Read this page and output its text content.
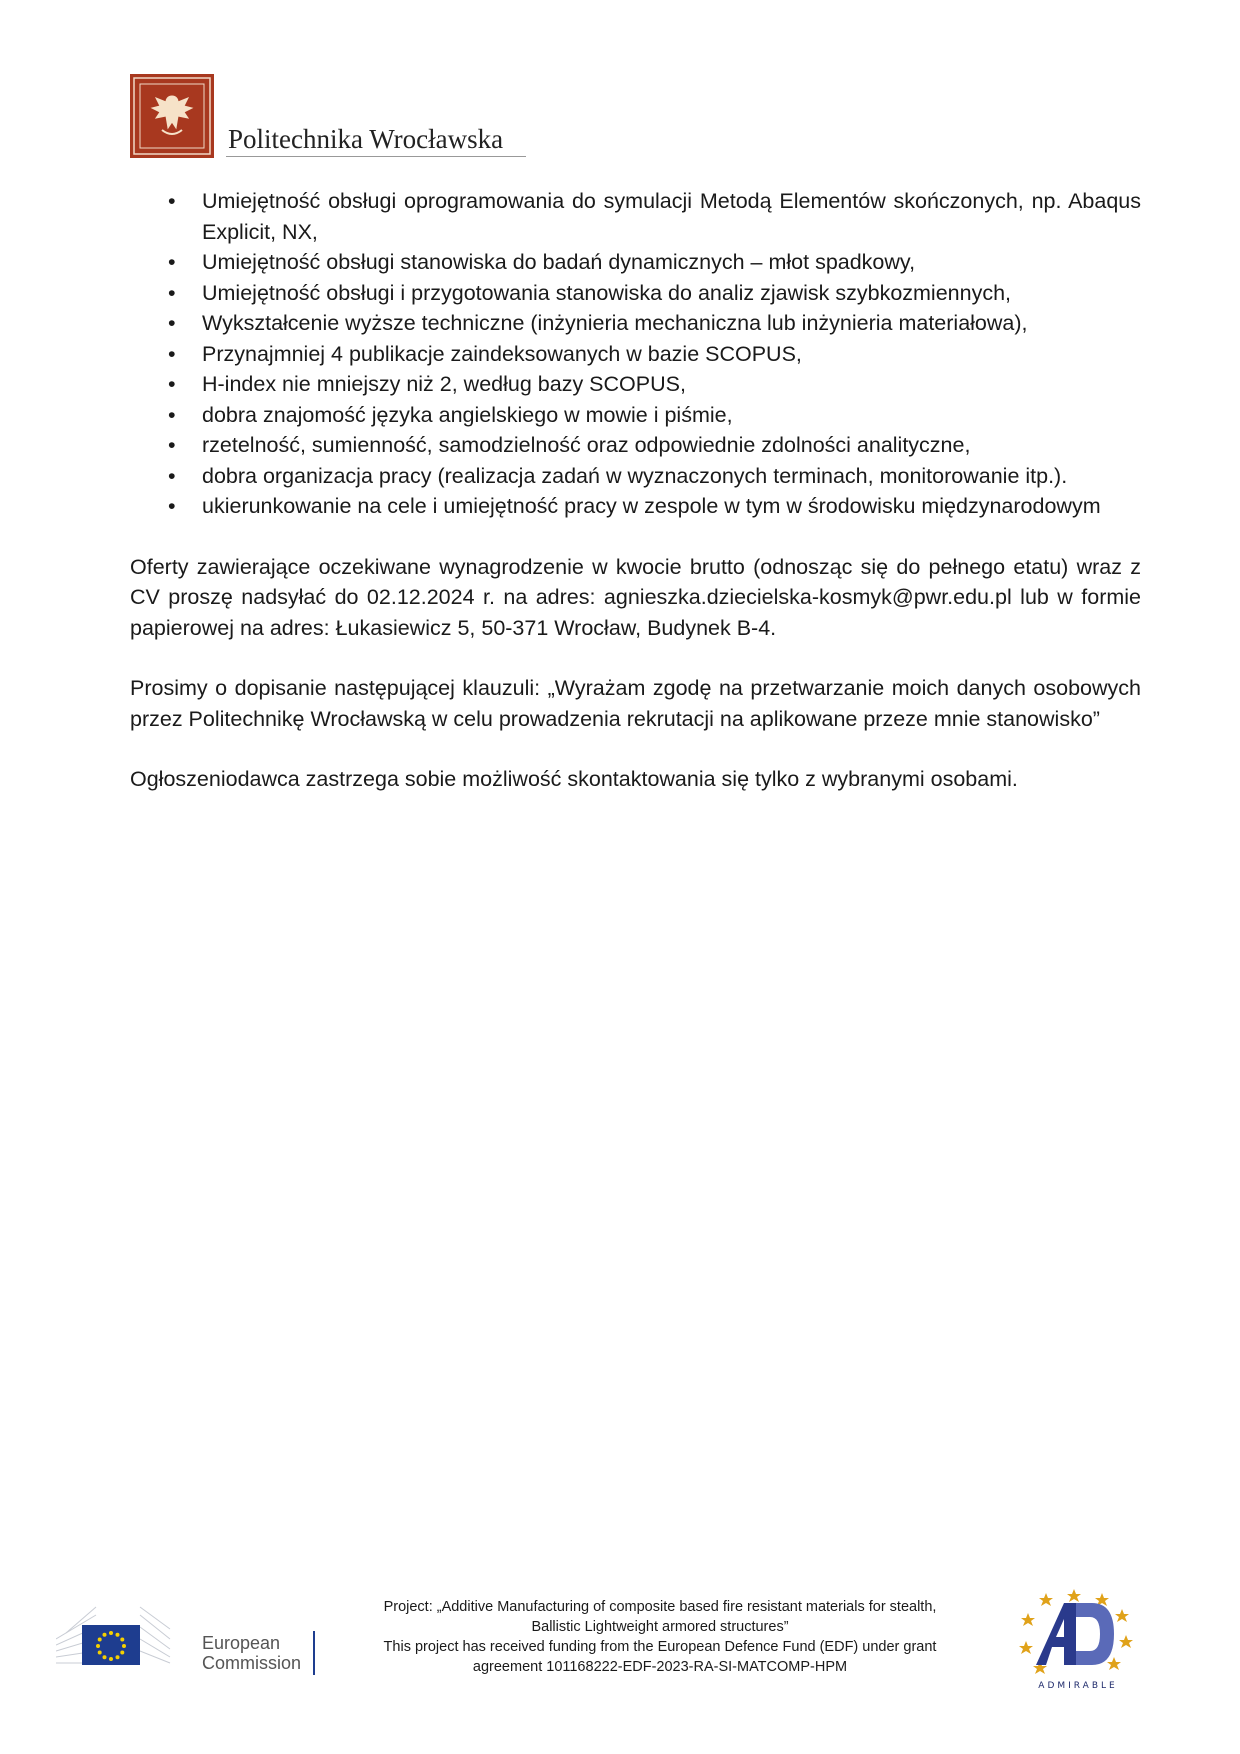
Politechnika Wrocławska
• Umiejętność obsługi oprogramowania do symulacji Metodą Elementów skończonych, np. Abaqus Explicit, NX,
• Umiejętność obsługi stanowiska do badań dynamicznych – młot spadkowy,
• Umiejętność obsługi i przygotowania stanowiska do analiz zjawisk szybkozmiennych,
• Wykształcenie wyższe techniczne (inżynieria mechaniczna lub inżynieria materiałowa),
• Przynajmniej 4 publikacje zaindeksowanych w bazie SCOPUS,
• H-index nie mniejszy niż 2, według bazy SCOPUS,
• dobra znajomość języka angielskiego w mowie i piśmie,
• rzetelność, sumienność, samodzielność oraz odpowiednie zdolności analityczne,
• dobra organizacja pracy (realizacja zadań w wyznaczonych terminach, monitorowanie itp.).
• ukierunkowanie na cele i umiejętność pracy w zespole w tym w środowisku międzynarodowym

Oferty zawierające oczekiwane wynagrodzenie w kwocie brutto (odnosząc się do pełnego etatu) wraz z CV proszę nadsyłać do 02.12.2024 r. na adres: agnieszka.dziecielska-kosmyk@pwr.edu.pl lub w formie papierowej na adres: Łukasiewicz 5, 50-371 Wrocław, Budynek B-4.

Prosimy o dopisanie następującej klauzuli: „Wyrażam zgodę na przetwarzanie moich danych osobowych przez Politechnikę Wrocławską w celu prowadzenia rekrutacji na aplikowane przeze mnie stanowisko”

Ogłoszeniodawca zastrzega sobie możliwość skontaktowania się tylko z wybranymi osobami.

European
Commission
Project: „Additive Manufacturing of composite based fire resistant materials for stealth,
Ballistic Lightweight armored structures”
This project has received funding from the European Defence Fund (EDF) under grant
agreement 101168222-EDF-2023-RA-SI-MATCOMP-HPM
ADMIRABLE
